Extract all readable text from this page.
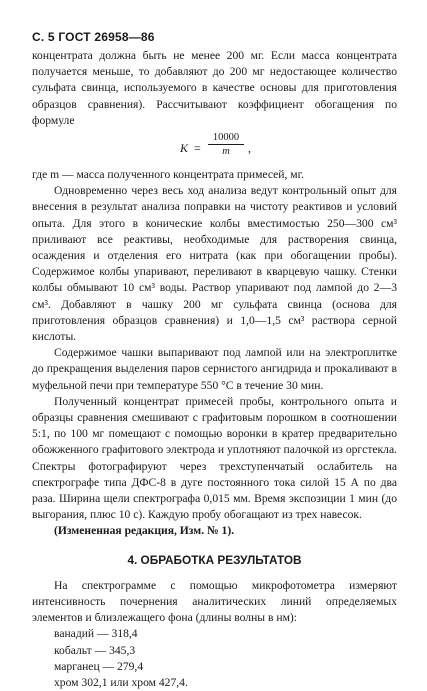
С. 5 ГОСТ 26958—86

концентрата должна быть не менее 200 мг. Если масса концентрата получается меньше, то добавляют до 200 мг недостающее количество сульфата свинца, используемого в качестве основы для приготовления образцов сравнения). Рассчитывают коэффициент обогащения по формуле

$K = \frac{10000}{m}$ ,

где m — масса полученного концентрата примесей, мг.

Одновременно через весь ход анализа ведут контрольный опыт для внесения в результат анализа поправки на чистоту реактивов и условий опыта. Для этого в конические колбы вместимостью 250—300 см³ приливают все реактивы, необходимые для растворения свинца, осаждения и отделения его нитрата (как при обогащении пробы). Содержимое колбы упаривают, переливают в кварцевую чашку. Стенки колбы обмывают 10 см³ воды. Раствор упаривают под лампой до 2—3 см³. Добавляют в чашку 200 мг сульфата свинца (основа для приготовления образцов сравнения) и 1,0—1,5 см³ раствора серной кислоты.

Содержимое чашки выпаривают под лампой или на электроплитке до прекращения выделения паров сернистого ангидрида и прокаливают в муфельной печи при температуре 550 °С в течение 30 мин.

Полученный концентрат примесей пробы, контрольного опыта и образцы сравнения смешивают с графитовым порошком в соотношении 5:1, по 100 мг помещают с помощью воронки в кратер предварительно обожженного графитового электрода и уплотняют палочкой из оргстекла. Спектры фотографируют через трехступенчатый ослабитель на спектрографе типа ДФС-8 в дуге постоянного тока силой 15 А по два раза. Ширина щели спектрографа 0,015 мм. Время экспозиции 1 мин (до выгорания, плюс 10 с). Каждую пробу обогащают из трех навесок.

(Измененная редакция, Изм. № 1).

4. ОБРАБОТКА РЕЗУЛЬТАТОВ

На спектрограмме с помощью микрофотометра измеряют интенсивность почернения аналитических линий определяемых элементов и близлежащего фона (длины волны в нм):

ванадий — 318,4

кобальт — 345,3

марганец — 279,4

хром 302,1 или хром 427,4.
